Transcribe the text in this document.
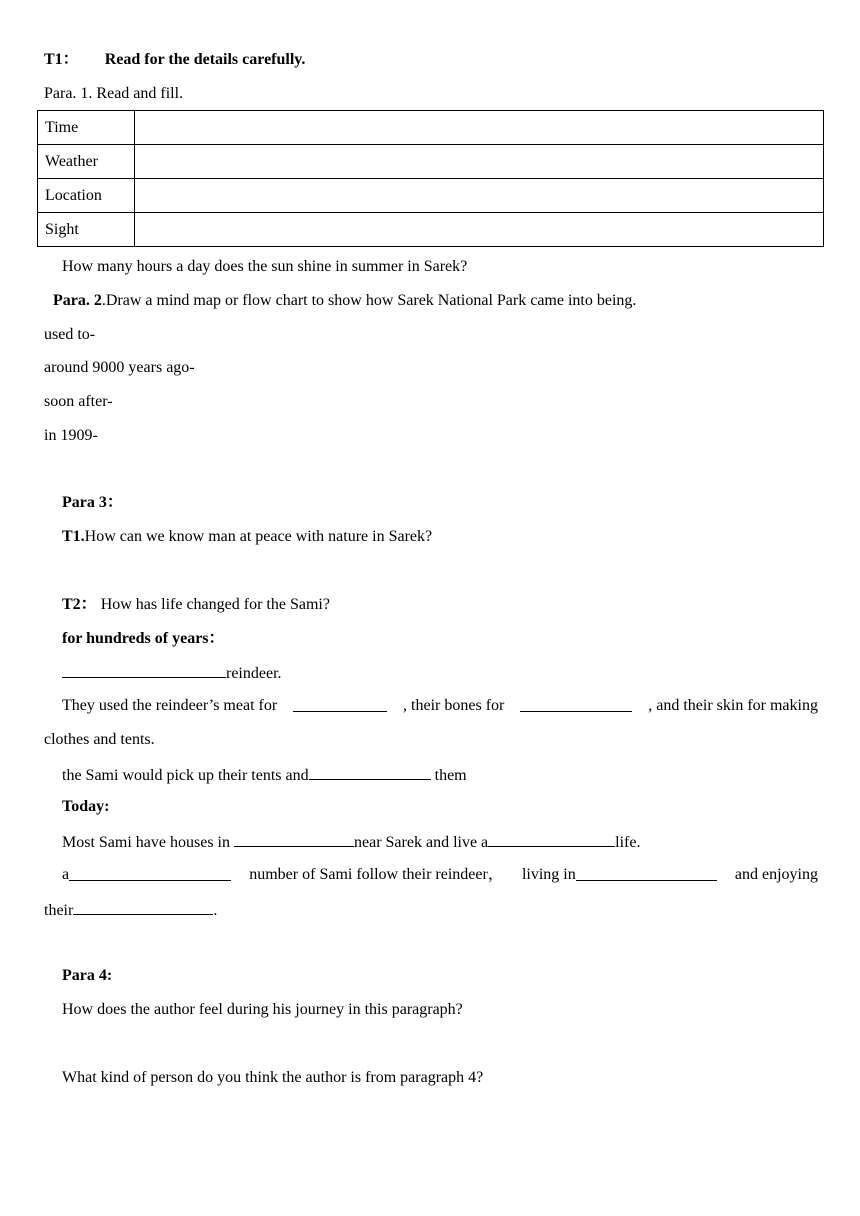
T1： Read for the details carefully.
Para. 1. Read and fill.
Time	
Weather	
Location	
Sight	
How many hours a day does the sun shine in summer in Sarek?
Para. 2.Draw a mind map or flow chart to show how Sarek National Park came into being.
used to-
around 9000 years ago-
soon after-
in 1909-
Para 3：
T1.How can we know man at peace with nature in Sarek?
T2： How has life changed for the Sami?
for hundreds of years：
reindeer.
They used the reindeer’s meat for	, their bones for	, and their skin for making
clothes and tents.
the Sami would pick up their tents and	them
Today:
Most Sami have houses in	near Sarek and live a	life.
a	number of Sami follow their reindeer， living in	and enjoying
their	.
Para 4:
How does the author feel during his journey in this paragraph?
What kind of person do you think the author is from paragraph 4?
